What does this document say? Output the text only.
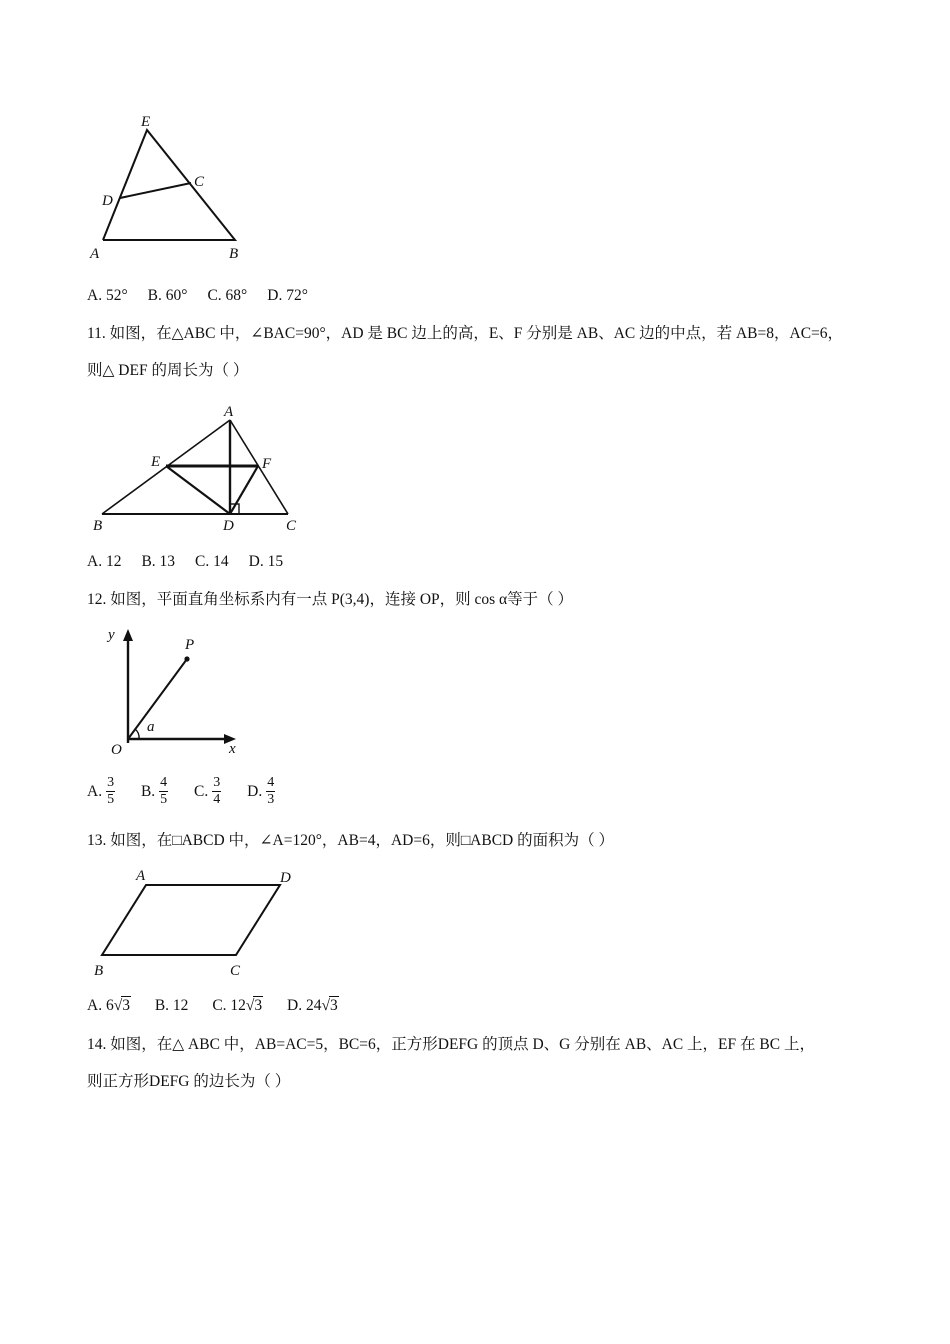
E
C
D
A	B
A. 52° B. 60° C. 68° D. 72°
11. 如图，在△ABC 中，∠BAC=90°，AD 是 BC 边上的高，E、F 分别是 AB、AC 边的中点，若 AB=8，AC=6，
则△ DEF 的周长为（ ）
A
E	F
B	D	C
A. 12 B. 13 C. 14 D. 15
12. 如图，平面直角坐标系内有一点 P(3,4)，连接 OP，则 cos α等于（ ）
y
P
a
O	x
A. $\frac{3}{5}$
B. $\frac{4}{5}$
C. $\frac{3}{4}$
D. $\frac{4}{3}$
13. 如图，在□ABCD 中，∠A=120°，AB=4，AD=6，则□ABCD 的面积为（ ）
A	D
B	C
A. 6√3 B. 12 C. 12√3 D. 24√3
14. 如图，在△ ABC 中，AB=AC=5，BC=6，正方形DEFG 的顶点 D、G 分别在 AB、AC 上，EF 在 BC 上，
则正方形DEFG 的边长为（ ）
